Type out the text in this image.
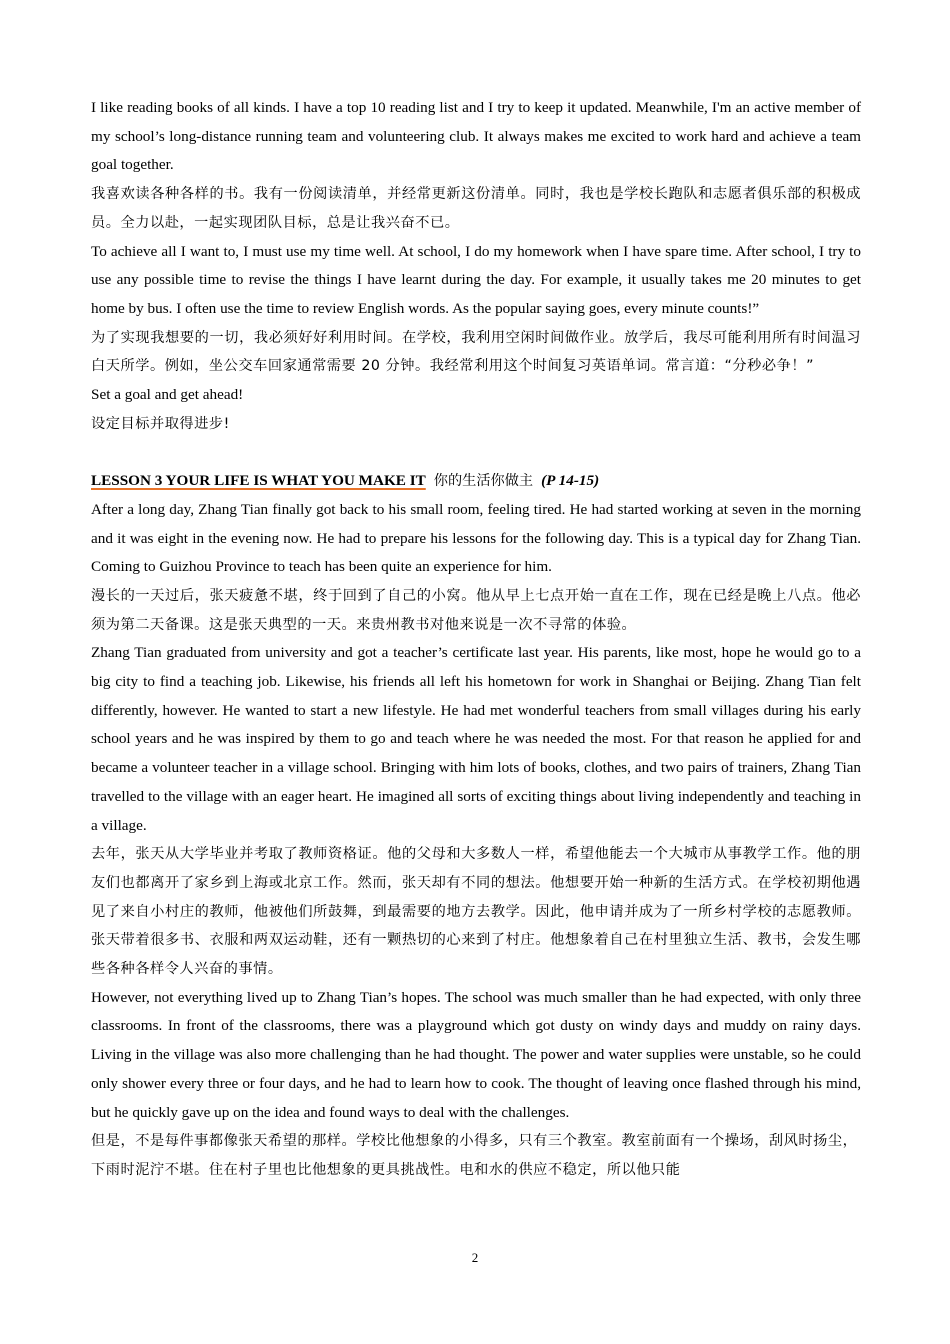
I like reading books of all kinds. I have a top 10 reading list and I try to keep it updated. Meanwhile, I'm an active member of my school’s long-distance running team and volunteering club. It always makes me excited to work hard and achieve a team goal together.

我喜欢读各种各样的书。我有一份阅读清单，并经常更新这份清单。同时，我也是学校长跑队和志愿者俱乐部的积极成员。全力以赴，一起实现团队目标，总是让我兴奋不已。

To achieve all I want to, I must use my time well. At school, I do my homework when I have spare time. After school, I try to use any possible time to revise the things I have learnt during the day. For example, it usually takes me 20 minutes to get home by bus. I often use the time to review English words. As the popular saying goes, every minute counts!”

为了实现我想要的一切，我必须好好利用时间。在学校，我利用空闲时间做作业。放学后，我尽可能利用所有时间温习白天所学。例如，坐公交车回家通常需要 20 分钟。我经常利用这个时间复习英语单词。常言道：“分秒必争！”

Set a goal and get ahead!

设定目标并取得进步!

LESSON 3 YOUR LIFE IS WHAT YOU MAKE IT 你的生活你做主 (P 14-15)

After a long day, Zhang Tian finally got back to his small room, feeling tired. He had started working at seven in the morning and it was eight in the evening now. He had to prepare his lessons for the following day. This is a typical day for Zhang Tian. Coming to Guizhou Province to teach has been quite an experience for him.

漫长的一天过后，张天疲惫不堪，终于回到了自己的小窝。他从早上七点开始一直在工作，现在已经是晚上八点。他必须为第二天备课。这是张天典型的一天。来贵州教书对他来说是一次不寻常的体验。

Zhang Tian graduated from university and got a teacher’s certificate last year. His parents, like most, hope he would go to a big city to find a teaching job. Likewise, his friends all left his hometown for work in Shanghai or Beijing. Zhang Tian felt differently, however. He wanted to start a new lifestyle. He had met wonderful teachers from small villages during his early school years and he was inspired by them to go and teach where he was needed the most. For that reason he applied for and became a volunteer teacher in a village school. Bringing with him lots of books, clothes, and two pairs of trainers, Zhang Tian travelled to the village with an eager heart. He imagined all sorts of exciting things about living independently and teaching in a village.

去年，张天从大学毕业并考取了教师资格证。他的父母和大多数人一样，希望他能去一个大城市从事教学工作。他的朋友们也都离开了家乡到上海或北京工作。然而，张天却有不同的想法。他想要开始一种新的生活方式。在学校初期他遇见了来自小村庄的教师，他被他们所鼓舞，到最需要的地方去教学。因此，他申请并成为了一所乡村学校的志愿教师。张天带着很多书、衣服和两双运动鞋，还有一颗热切的心来到了村庄。他想象着自己在村里独立生活、教书，会发生哪些各种各样令人兴奋的事情。

However, not everything lived up to Zhang Tian’s hopes. The school was much smaller than he had expected, with only three classrooms. In front of the classrooms, there was a playground which got dusty on windy days and muddy on rainy days. Living in the village was also more challenging than he had thought. The power and water supplies were unstable, so he could only shower every three or four days, and he had to learn how to cook. The thought of leaving once flashed through his mind, but he quickly gave up on the idea and found ways to deal with the challenges.

但是，不是每件事都像张天希望的那样。学校比他想象的小得多，只有三个教室。教室前面有一个操场，刮风时扬尘，下雨时泥泞不堪。住在村子里也比他想象的更具挑战性。电和水的供应不稳定，所以他只能

2
